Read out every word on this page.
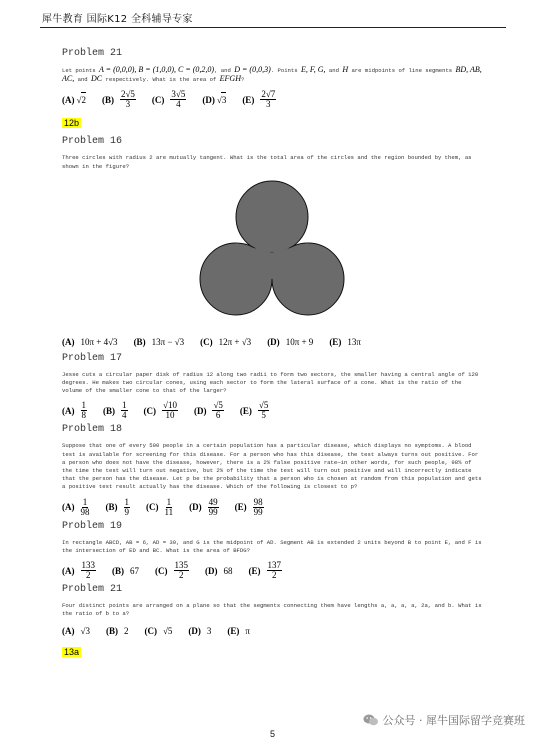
犀牛教育 国际K12 全科辅导专家
Problem 21
Let points A = (0,0,0), B = (1,0,0), C = (0,2,0), and D = (0,0,3). Points E, F, G, and H are midpoints of line segments BD, AB, AC, and DC respectively. What is the area of EFGH?
(A) √ 2 $(B) \frac{2√5}{3} (C) \frac{3√5}{4} (D)$ √ 3 $(E) \frac{2√7}{3}$
12b
Problem 16
Three circles with radius 2 are mutually tangent. What is the total area of the circles and the region bounded by them, as shown in the figure?
(A) 10π + 4√3 (B) 13π − √3 (C) 12π + √3 (D) 10π + 9 (E) 13π
Problem 17
Jesse cuts a circular paper disk of radius 12 along two radii to form two sectors, the smaller having a central angle of 120 degrees. He makes two circular cones, using each sector to form the lateral surface of a cone. What is the ratio of the volume of the smaller cone to that of the larger?
$(A) \frac{1}{8} (B) \frac{1}{4} (C) \frac{√10}{10} (D) \frac{√5}{6} (E) \frac{√5}{5}$
Problem 18
Suppose that one of every 500 people in a certain population has a particular disease, which displays no symptoms. A blood test is available for screening for this disease. For a person who has this disease, the test always turns out positive. For a person who does not have the disease, however, there is a 2% false positive rate—in other words, for such people, 98% of the time the test will turn out negative, but 2% of the time the test will turn out positive and will incorrectly indicate that the person has the disease. Let p be the probability that a person who is chosen at random from this population and gets a positive test result actually has the disease. Which of the following is closest to p?
$(A) \frac{1}{98} (B) \frac{1}{9} (C) \frac{1}{11} (D) \frac{49}{99} (E) \frac{98}{99}$
Problem 19
In rectangle ABCD, AB = 6, AD = 30, and G is the midpoint of AD. Segment AB is extended 2 units beyond B to point E, and F is the intersection of ED and BC. What is the area of BFDG?
$(A) \frac{133}{2} (B)$ 67 $(C) \frac{135}{2} (D)$ 68 $(E) \frac{137}{2}$
Problem 21
Four distinct points are arranged on a plane so that the segments connecting them have lengths a, a, a, a, 2a, and b. What is the ratio of b to a?
(A) √3 (B) 2 (C) √5 (D) 3 (E) π
13a
公众号 · 犀牛国际留学竞赛班
5
